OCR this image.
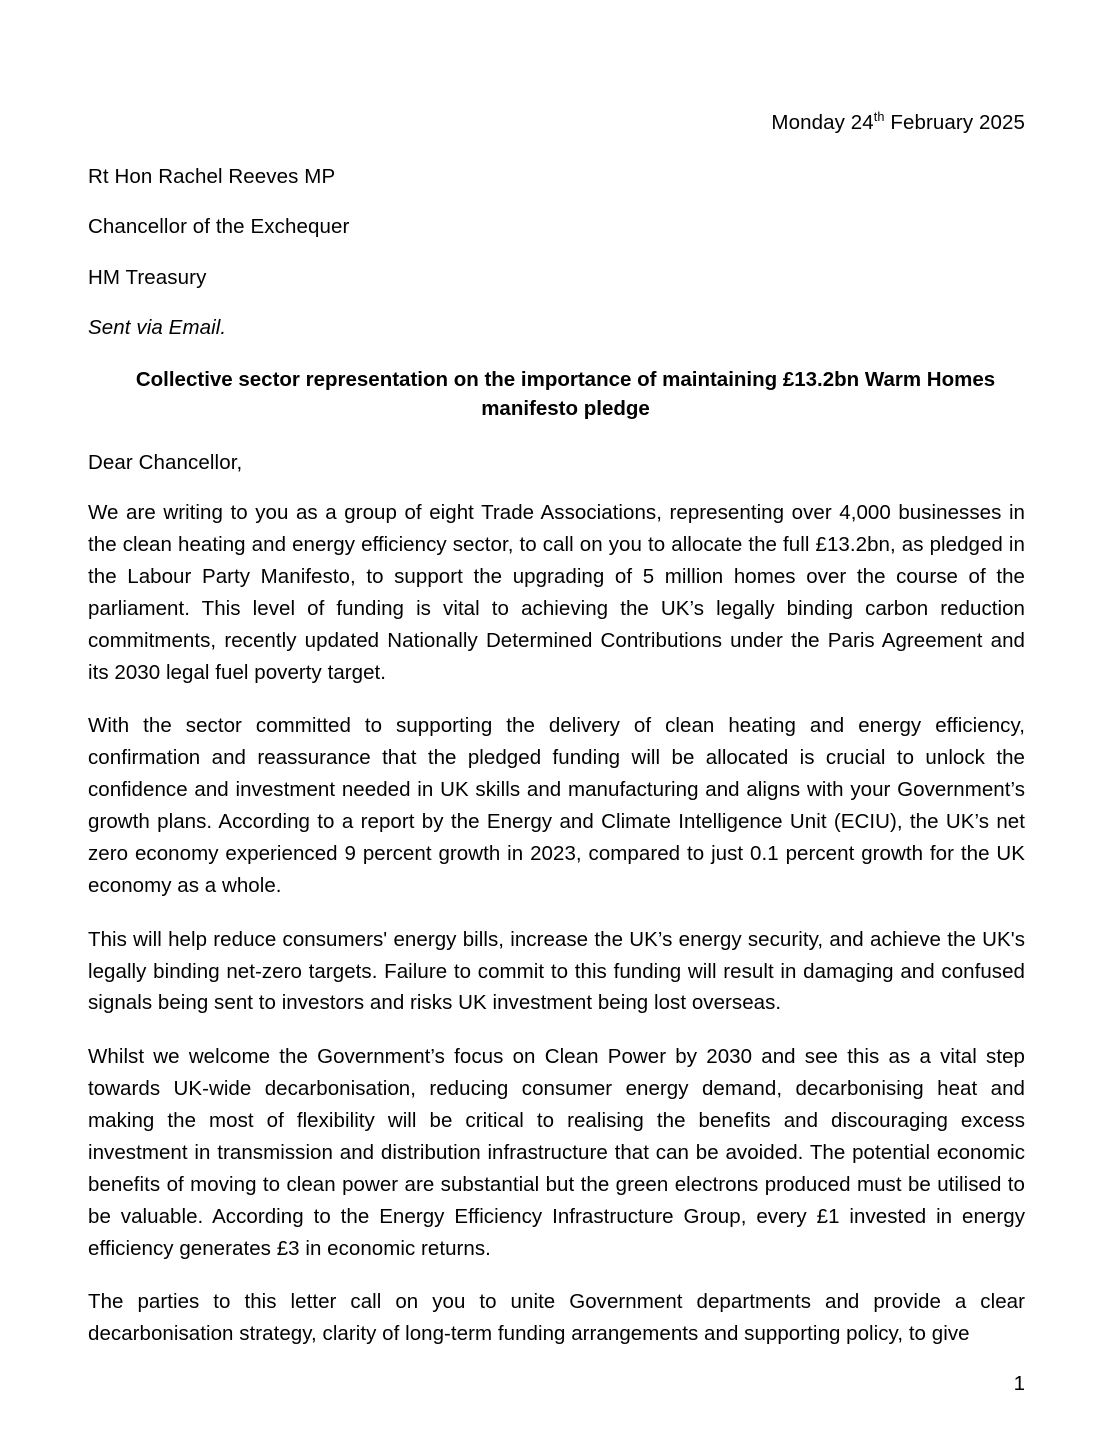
Monday 24th February 2025
Rt Hon Rachel Reeves MP
Chancellor of the Exchequer
HM Treasury
Sent via Email.
Collective sector representation on the importance of maintaining £13.2bn Warm Homes manifesto pledge
Dear Chancellor,

We are writing to you as a group of eight Trade Associations, representing over 4,000 businesses in the clean heating and energy efficiency sector, to call on you to allocate the full £13.2bn, as pledged in the Labour Party Manifesto, to support the upgrading of 5 million homes over the course of the parliament. This level of funding is vital to achieving the UK’s legally binding carbon reduction commitments, recently updated Nationally Determined Contributions under the Paris Agreement and its 2030 legal fuel poverty target.

With the sector committed to supporting the delivery of clean heating and energy efficiency, confirmation and reassurance that the pledged funding will be allocated is crucial to unlock the confidence and investment needed in UK skills and manufacturing and aligns with your Government’s growth plans. According to a report by the Energy and Climate Intelligence Unit (ECIU), the UK’s net zero economy experienced 9 percent growth in 2023, compared to just 0.1 percent growth for the UK economy as a whole.

This will help reduce consumers' energy bills, increase the UK’s energy security, and achieve the UK's legally binding net-zero targets. Failure to commit to this funding will result in damaging and confused signals being sent to investors and risks UK investment being lost overseas.

Whilst we welcome the Government’s focus on Clean Power by 2030 and see this as a vital step towards UK-wide decarbonisation, reducing consumer energy demand, decarbonising heat and making the most of flexibility will be critical to realising the benefits and discouraging excess investment in transmission and distribution infrastructure that can be avoided. The potential economic benefits of moving to clean power are substantial but the green electrons produced must be utilised to be valuable. According to the Energy Efficiency Infrastructure Group, every £1 invested in energy efficiency generates £3 in economic returns.

The parties to this letter call on you to unite Government departments and provide a clear decarbonisation strategy, clarity of long-term funding arrangements and supporting policy, to give

1
